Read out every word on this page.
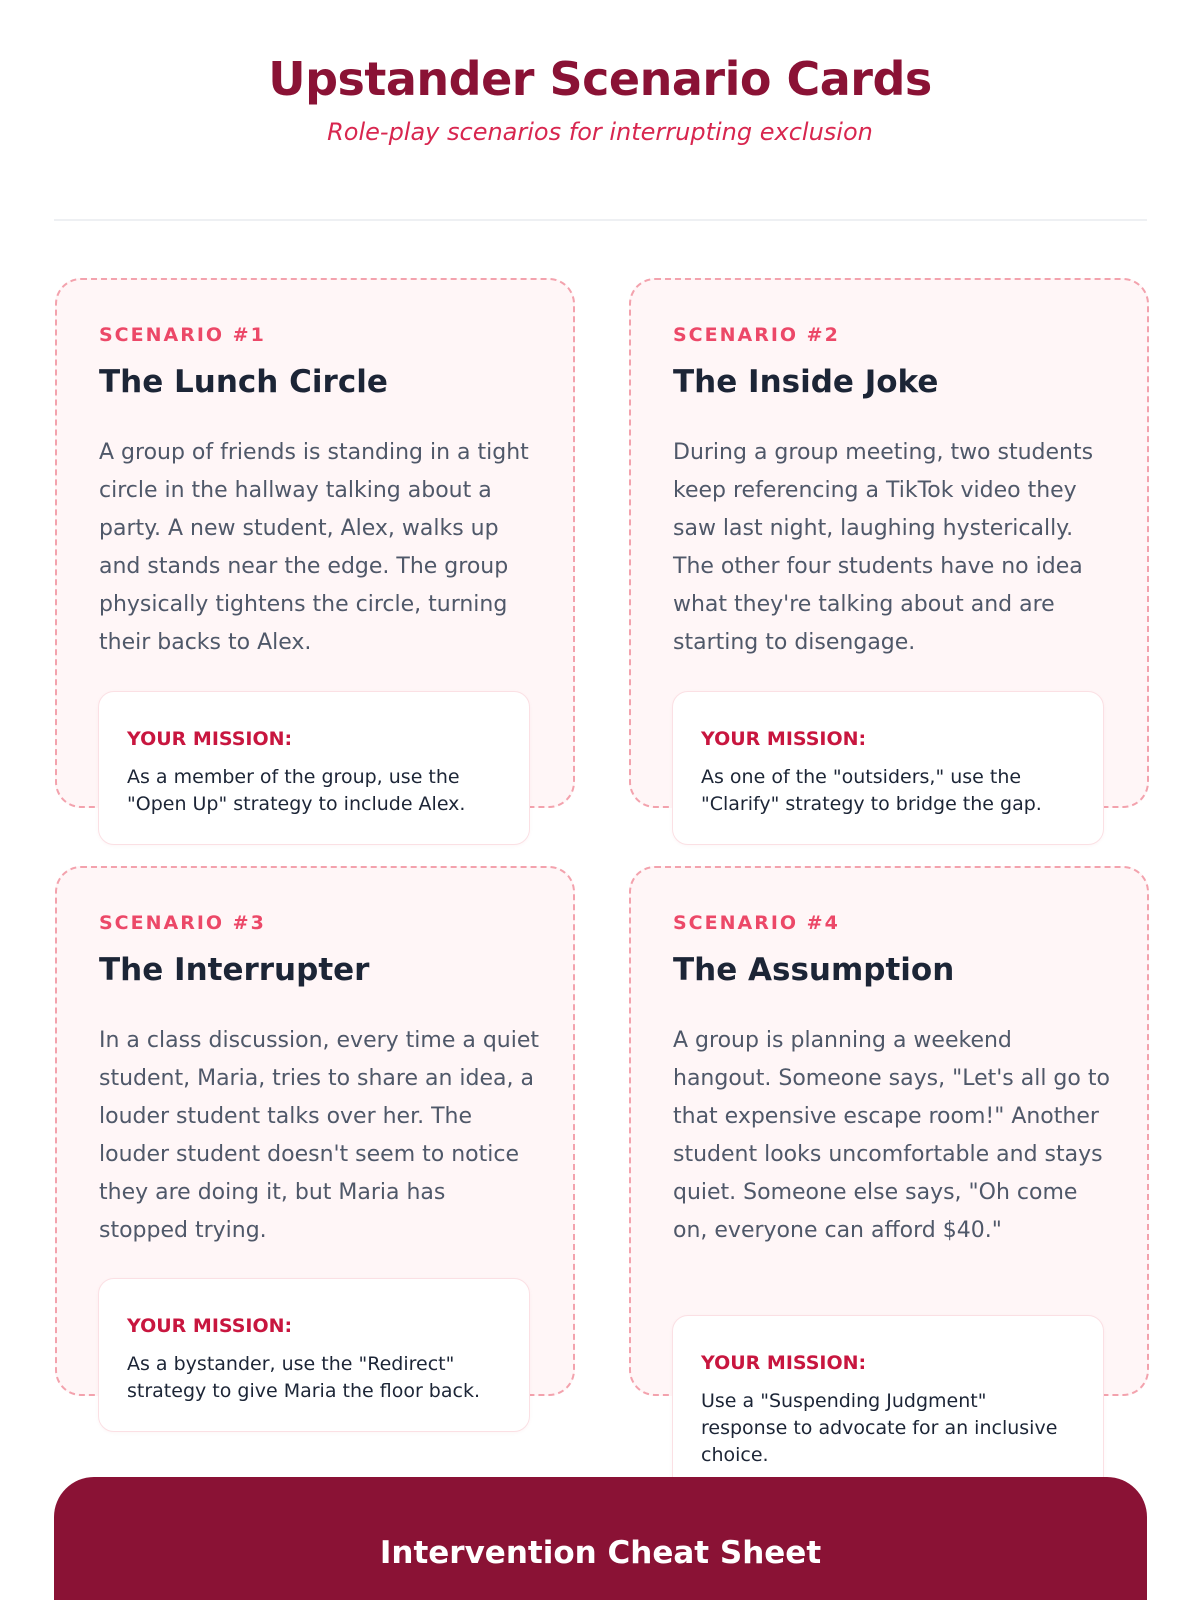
Upstander Scenario Cards

Role-play scenarios for interrupting exclusion

SCENARIO #1
The Lunch Circle
A group of friends is standing in a tight circle in the hallway talking about a party. A new student, Alex, walks up and stands near the edge. The group physically tightens the circle, turning their backs to Alex.
YOUR MISSION:
As a member of the group, use the "Open Up" strategy to include Alex.
SCENARIO #2
The Inside Joke
During a group meeting, two students keep referencing a TikTok video they saw last night, laughing hysterically. The other four students have no idea what they're talking about and are starting to disengage.
YOUR MISSION:
As one of the "outsiders," use the "Clarify" strategy to bridge the gap.
SCENARIO #3
The Interrupter
In a class discussion, every time a quiet student, Maria, tries to share an idea, a louder student talks over her. The louder student doesn't seem to notice they are doing it, but Maria has stopped trying.
YOUR MISSION:
As a bystander, use the "Redirect" strategy to give Maria the floor back.
SCENARIO #4
The Assumption
A group is planning a weekend hangout. Someone says, "Let's all go to that expensive escape room!" Another student looks uncomfortable and stays quiet. Someone else says, "Oh come on, everyone can afford $40."
YOUR MISSION:
Use a "Suspending Judgment" response to advocate for an inclusive choice.
Intervention Cheat Sheet
